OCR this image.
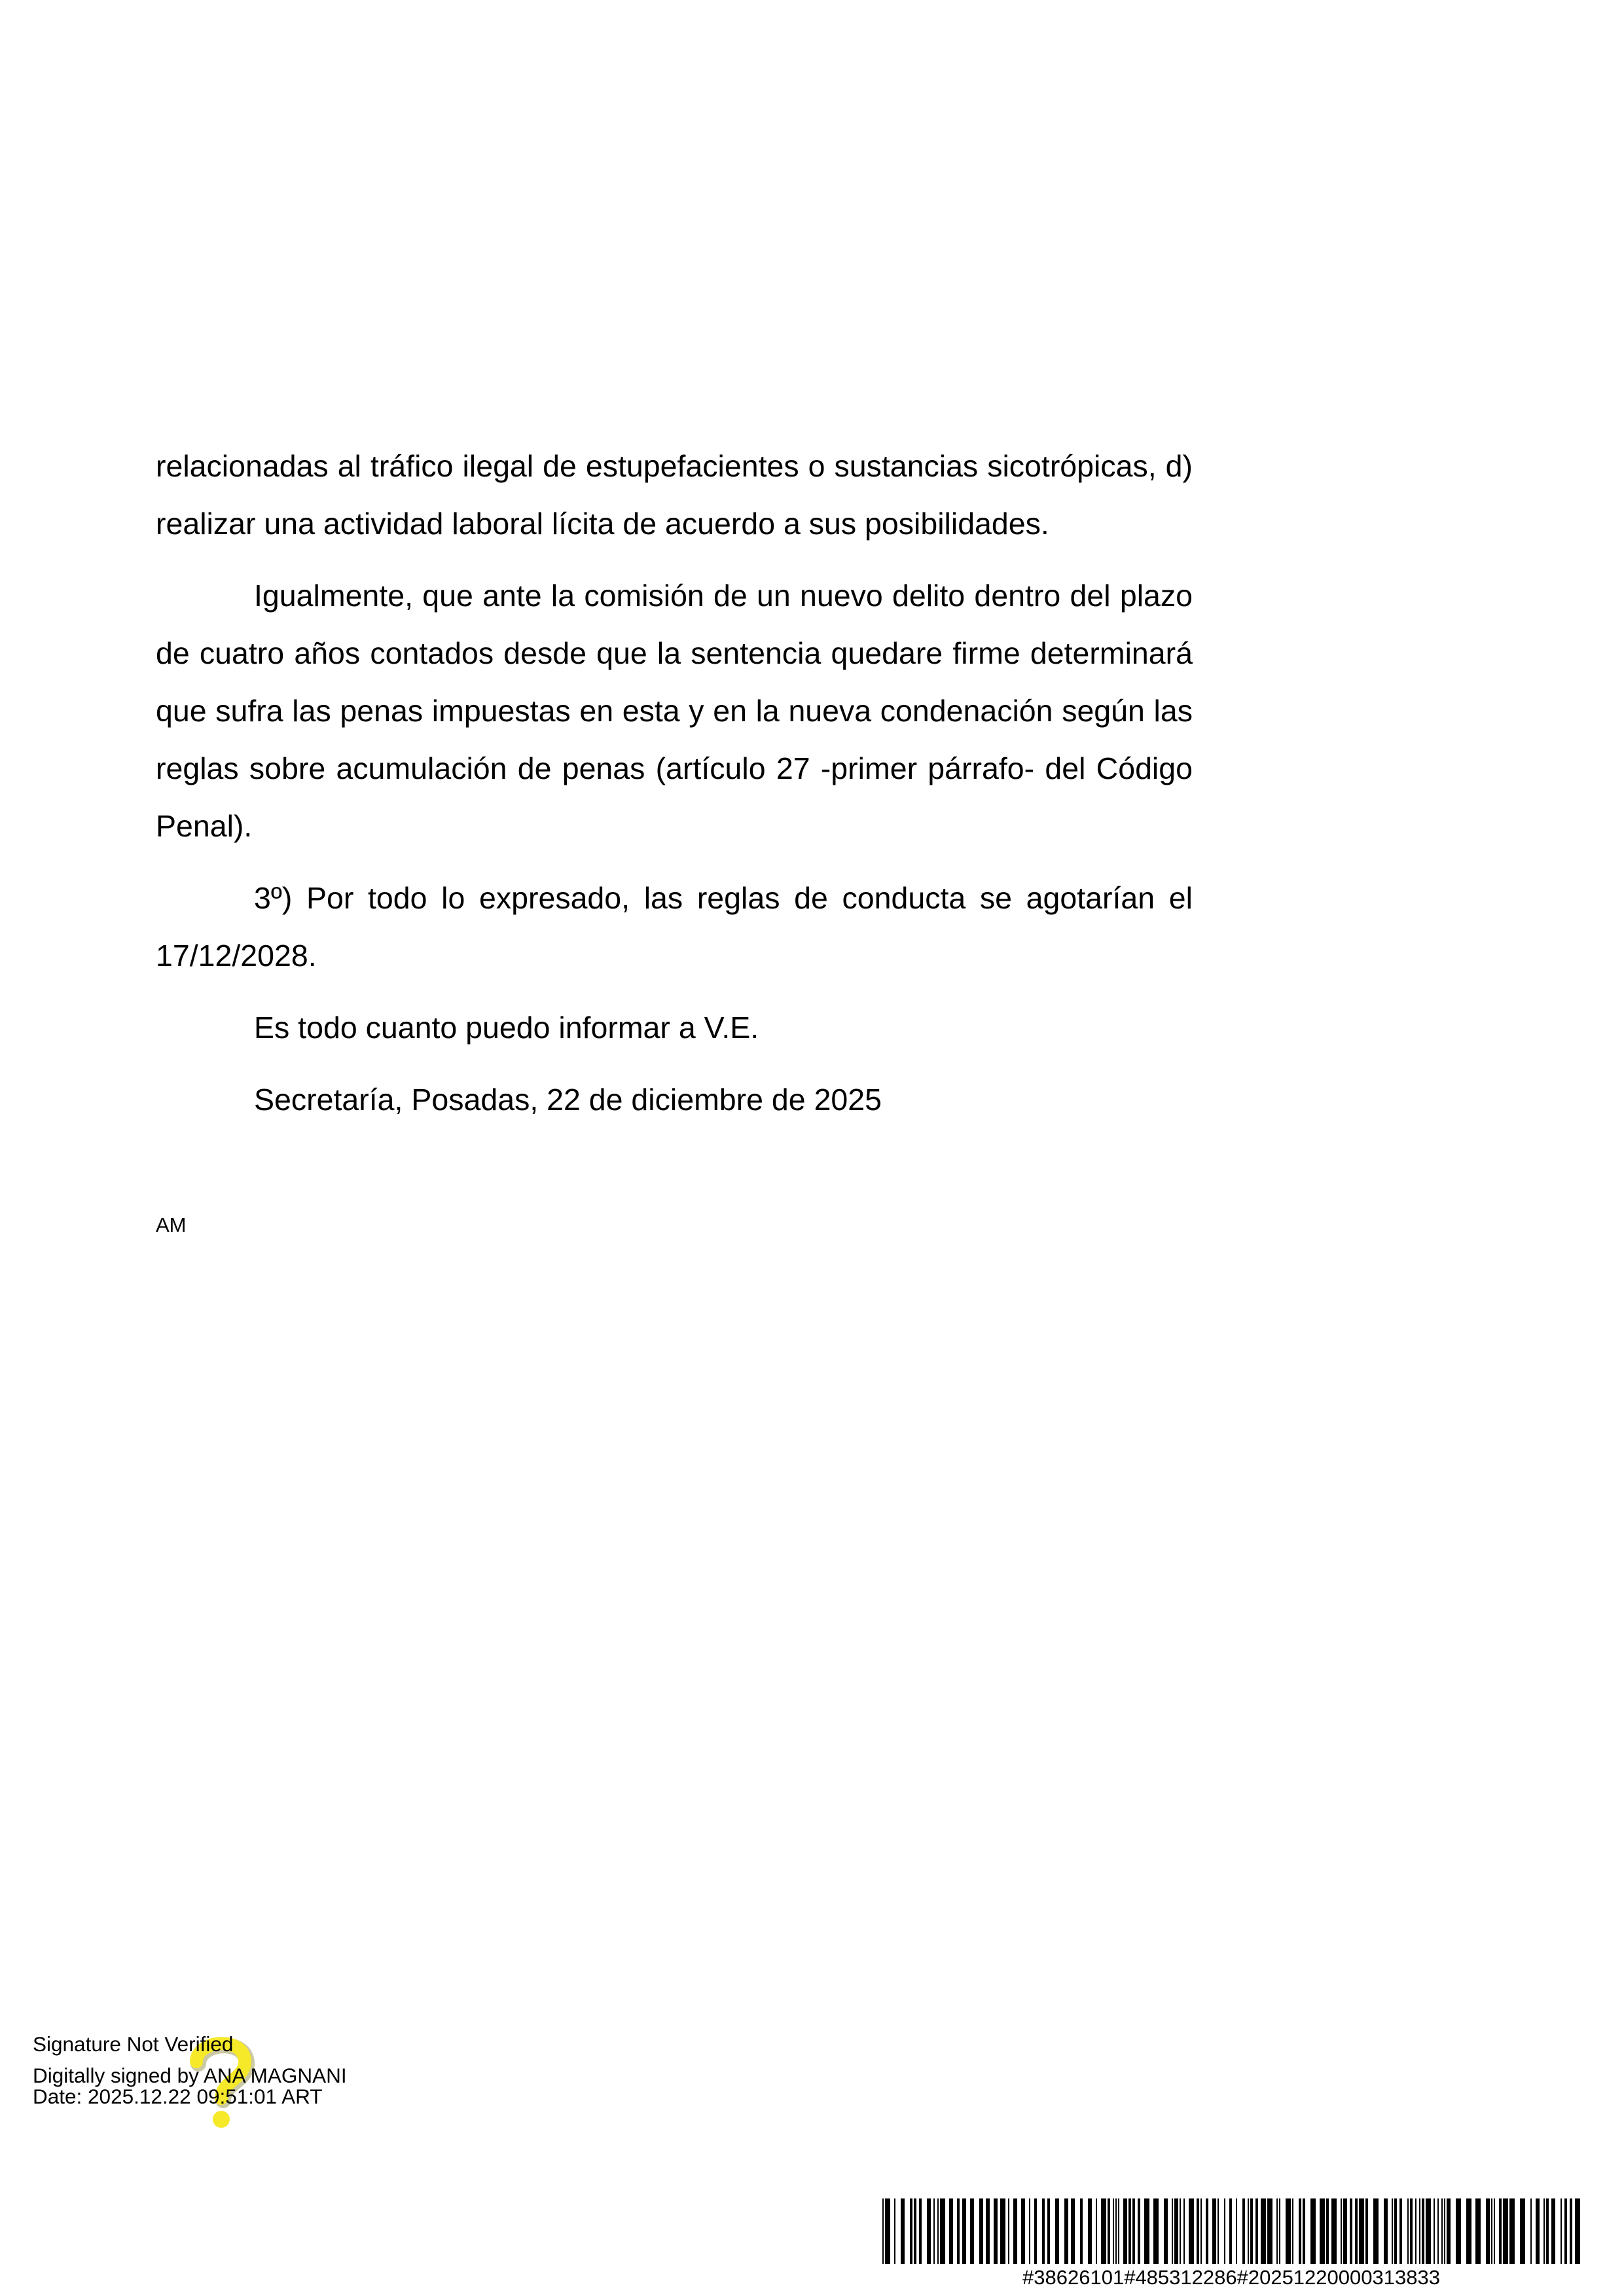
relacionadas al tráfico ilegal de estupefacientes o sustancias sicotrópicas, d) realizar una actividad laboral lícita de acuerdo a sus posibilidades.

Igualmente, que ante la comisión de un nuevo delito dentro del plazo de cuatro años contados desde que la sentencia quedare firme determinará que sufra las penas impuestas en esta y en la nueva condenación según las reglas sobre acumulación de penas (artículo 27 -primer párrafo- del Código Penal).

3º) Por todo lo expresado, las reglas de conducta se agotarían el 17/12/2028.

Es todo cuanto puedo informar a V.E.

Secretaría, Posadas, 22 de diciembre de 2025

AM
Signature Not Verified
Digitally signed by ANA MAGNANI
Date: 2025.12.22 09:51:01 ART
#38626101#485312286#20251220000313833
